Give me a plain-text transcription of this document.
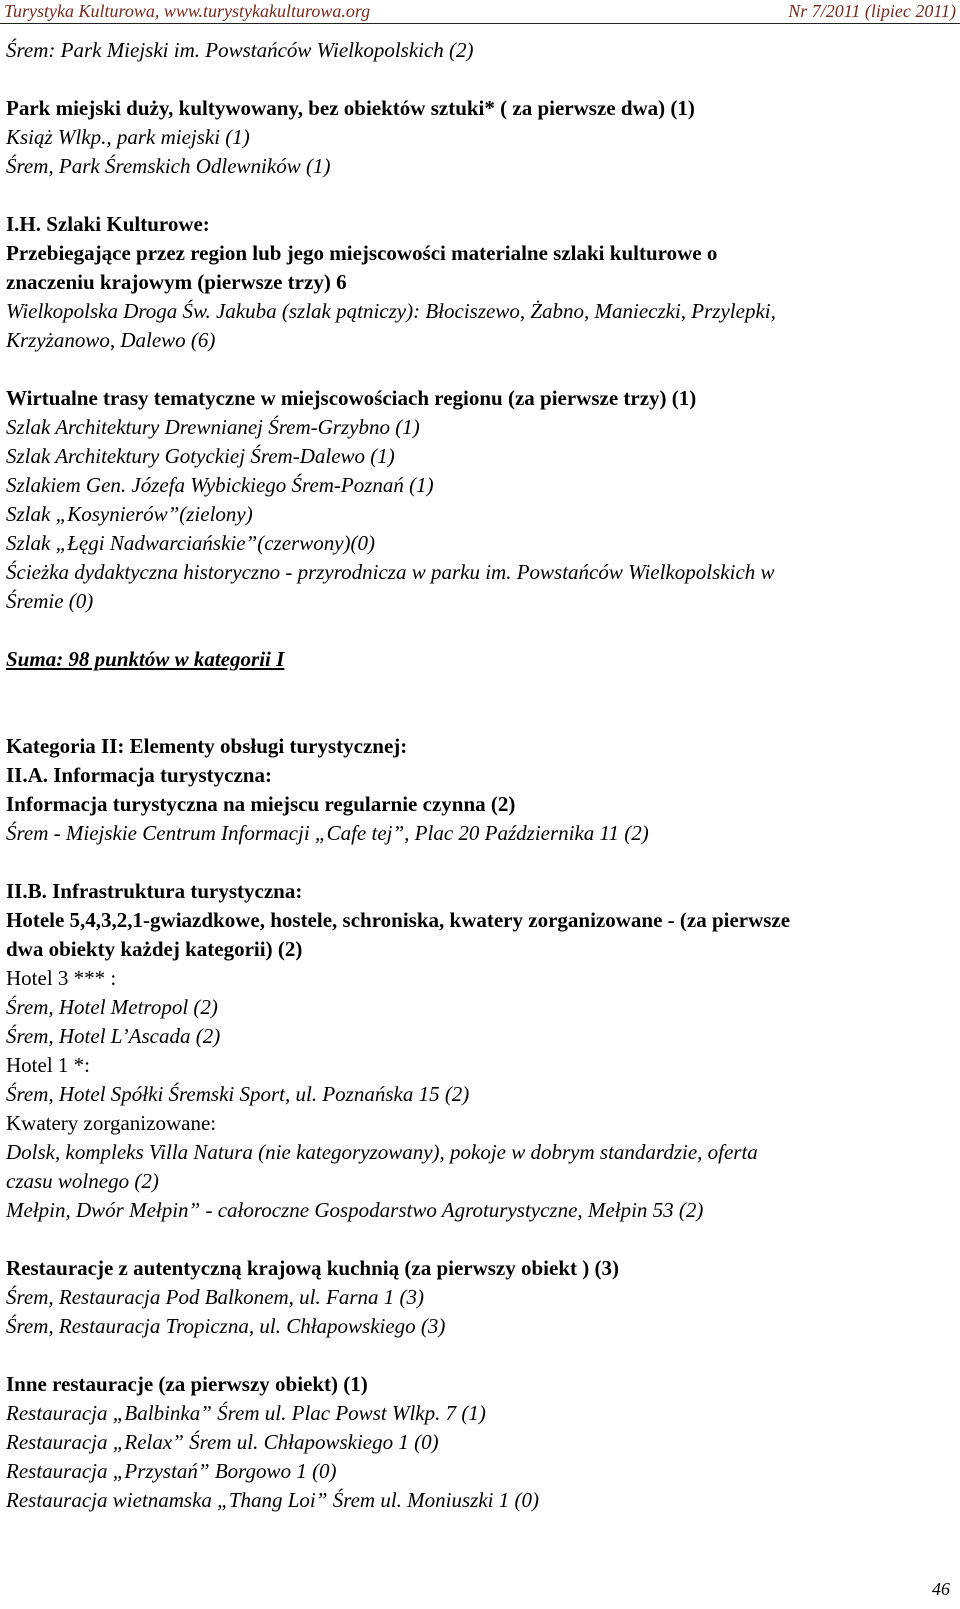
Turystyka Kulturowa, www.turystykakulturowa.org	Nr 7/2011 (lipiec 2011)
Śrem: Park Miejski im. Powstańców Wielkopolskich (2)
Park miejski duży, kultywowany, bez obiektów sztuki* ( za pierwsze dwa) (1)
Książ Wlkp., park miejski (1)
Śrem, Park Śremskich Odlewników (1)
I.H. Szlaki Kulturowe:
Przebiegające przez region lub jego miejscowości materialne szlaki kulturowe o
znaczeniu krajowym (pierwsze trzy) 6
Wielkopolska Droga Św. Jakuba (szlak pątniczy): Błociszewo, Żabno, Manieczki, Przylepki,
Krzyżanowo, Dalewo (6)
Wirtualne trasy tematyczne w miejscowościach regionu (za pierwsze trzy) (1)
Szlak Architektury Drewnianej Śrem-Grzybno (1)
Szlak Architektury Gotyckiej Śrem-Dalewo (1)
Szlakiem Gen. Józefa Wybickiego Śrem-Poznań (1)
Szlak „Kosynierów”(zielony)
Szlak „Łęgi Nadwarciańskie”(czerwony)(0)
Ścieżka dydaktyczna historyczno - przyrodnicza w parku im. Powstańców Wielkopolskich w
Śremie (0)
Suma: 98 punktów w kategorii I
Kategoria II: Elementy obsługi turystycznej:
II.A. Informacja turystyczna:
Informacja turystyczna na miejscu regularnie czynna (2)
Śrem - Miejskie Centrum Informacji „Cafe tej”, Plac 20 Października 11 (2)
II.B. Infrastruktura turystyczna:
Hotele 5,4,3,2,1-gwiazdkowe, hostele, schroniska, kwatery zorganizowane - (za pierwsze
dwa obiekty każdej kategorii) (2)
Hotel 3 *** :
Śrem, Hotel Metropol (2)
Śrem, Hotel L’Ascada (2)
Hotel 1 *:
Śrem, Hotel Spółki Śremski Sport, ul. Poznańska 15 (2)
Kwatery zorganizowane:
Dolsk, kompleks Villa Natura (nie kategoryzowany), pokoje w dobrym standardzie, oferta
czasu wolnego (2)
Mełpin, Dwór Mełpin” - całoroczne Gospodarstwo Agroturystyczne, Mełpin 53 (2)
Restauracje z autentyczną krajową kuchnią (za pierwszy obiekt ) (3)
Śrem, Restauracja Pod Balkonem, ul. Farna 1 (3)
Śrem, Restauracja Tropiczna, ul. Chłapowskiego (3)
Inne restauracje (za pierwszy obiekt) (1)
Restauracja „Balbinka” Śrem ul. Plac Powst Wlkp. 7 (1)
Restauracja „Relax” Śrem ul. Chłapowskiego 1 (0)
Restauracja „Przystań” Borgowo 1 (0)
Restauracja wietnamska „Thang Loi” Śrem ul. Moniuszki 1 (0)
46
